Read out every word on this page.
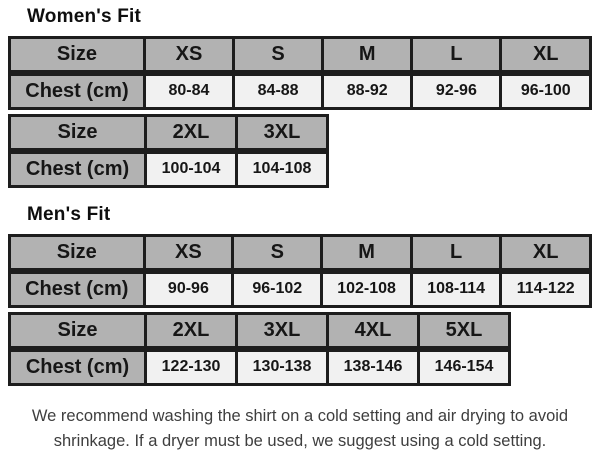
Women's Fit
Size	XS	S	M	L	XL
Chest (cm)	80-84	84-88	88-92	92-96	96-100
Size	2XL	3XL
Chest (cm)	100-104	104-108
Men's Fit
Size	XS	S	M	L	XL
Chest (cm)	90-96	96-102	102-108	108-114	114-122
Size	2XL	3XL	4XL	5XL
Chest (cm)	122-130	130-138	138-146	146-154
We recommend washing the shirt on a cold setting and air drying to avoid
shrinkage. If a dryer must be used, we suggest using a cold setting.
